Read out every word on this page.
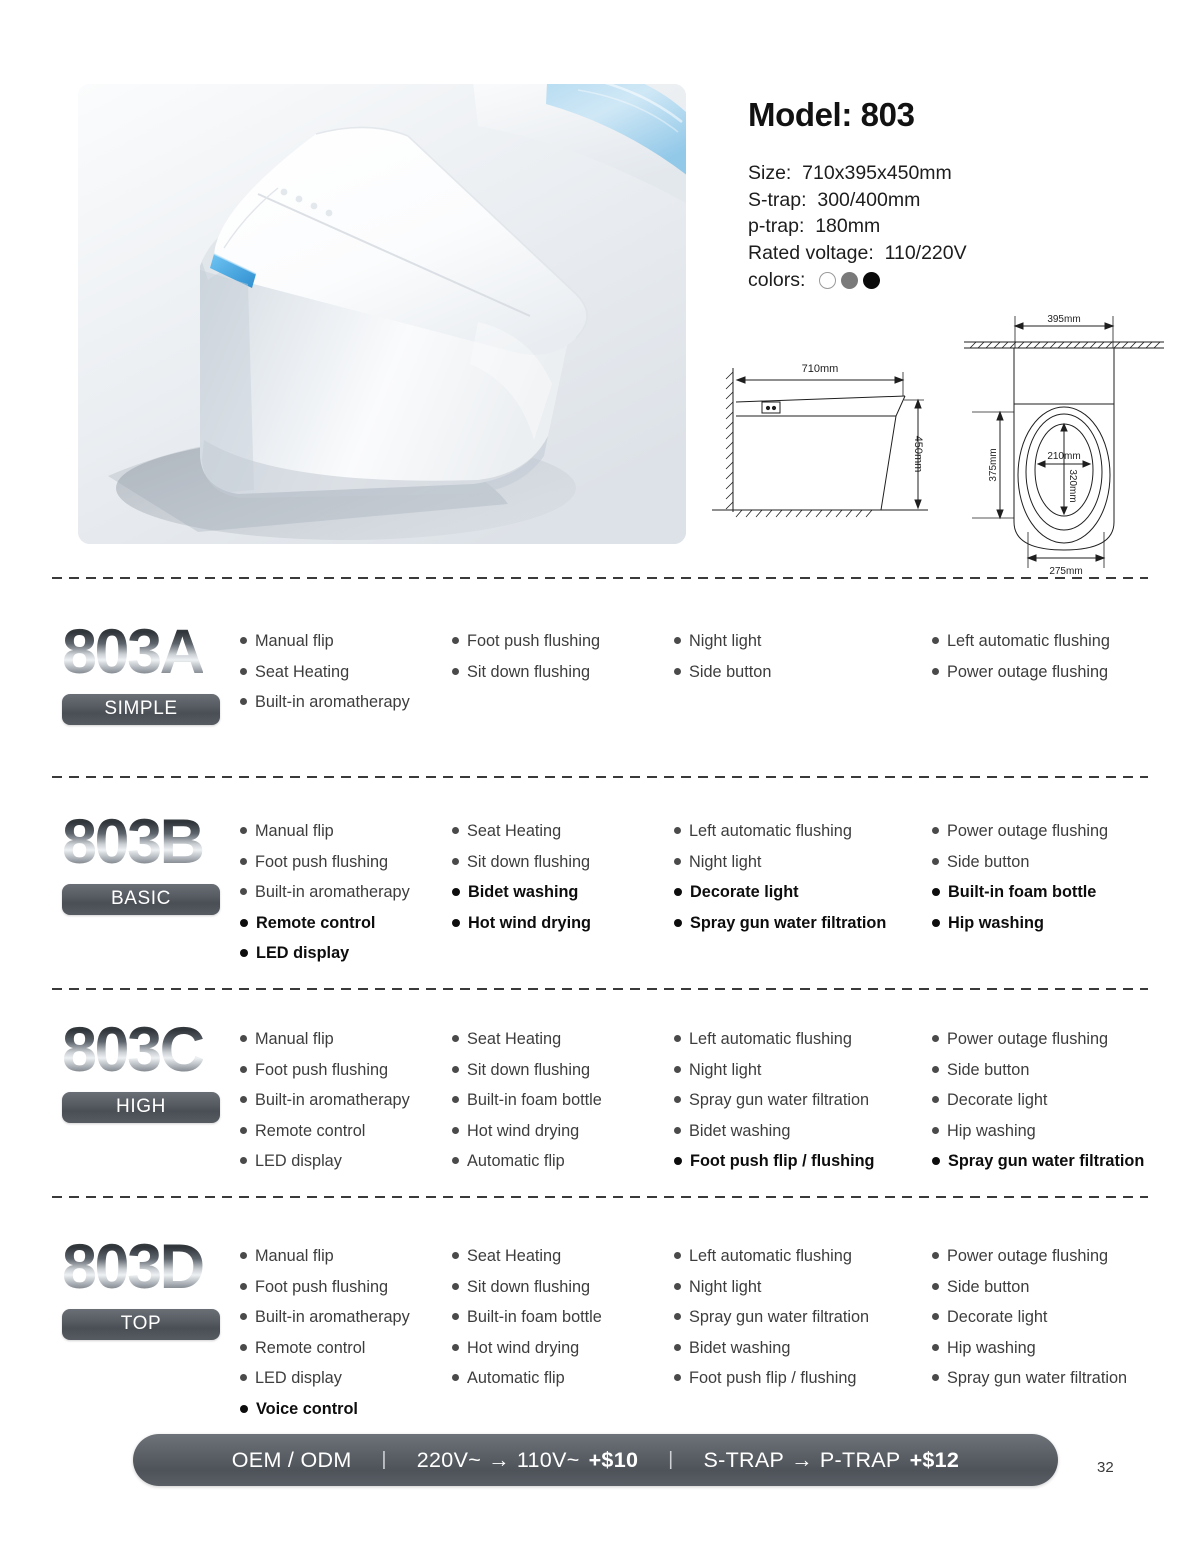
Model: 803
Size:  710x395x450mm
S-trap:  300/400mm
p-trap:  180mm
Rated voltage:  110/220V
colors:
710mm
450mm
395mm
375mm	210mm
320mm
275mm
803A
SIMPLE
Manual flip	Foot push flushing	Night light	Left automatic flushing
Seat Heating	Sit down flushing	Side button	Power outage flushing
Built-in aromatherapy
803B
BASIC
Manual flip	Seat Heating	Left automatic flushing	Power outage flushing
Foot push flushing	Sit down flushing	Night light	Side button
Built-in aromatherapy	Bidet washing	Decorate light	Built-in foam bottle
Remote control	Hot wind drying	Spray gun water filtration	Hip washing
LED display
803C
HIGH
Manual flip	Seat Heating	Left automatic flushing	Power outage flushing
Foot push flushing	Sit down flushing	Night light	Side button
Built-in aromatherapy	Built-in foam bottle	Spray gun water filtration	Decorate light
Remote control	Hot wind drying	Bidet washing	Hip washing
LED display	Automatic flip	Foot push flip / flushing	Spray gun water filtration
803D
TOP
Manual flip	Seat Heating	Left automatic flushing	Power outage flushing
Foot push flushing	Sit down flushing	Night light	Side button
Built-in aromatherapy	Built-in foam bottle	Spray gun water filtration	Decorate light
Remote control	Hot wind drying	Bidet washing	Hip washing
LED display	Automatic flip	Foot push flip / flushing	Spray gun water filtration
Voice control
OEM / ODM | 220V~ → 110V~ +$10 | S-TRAP → P-TRAP +$12	32
